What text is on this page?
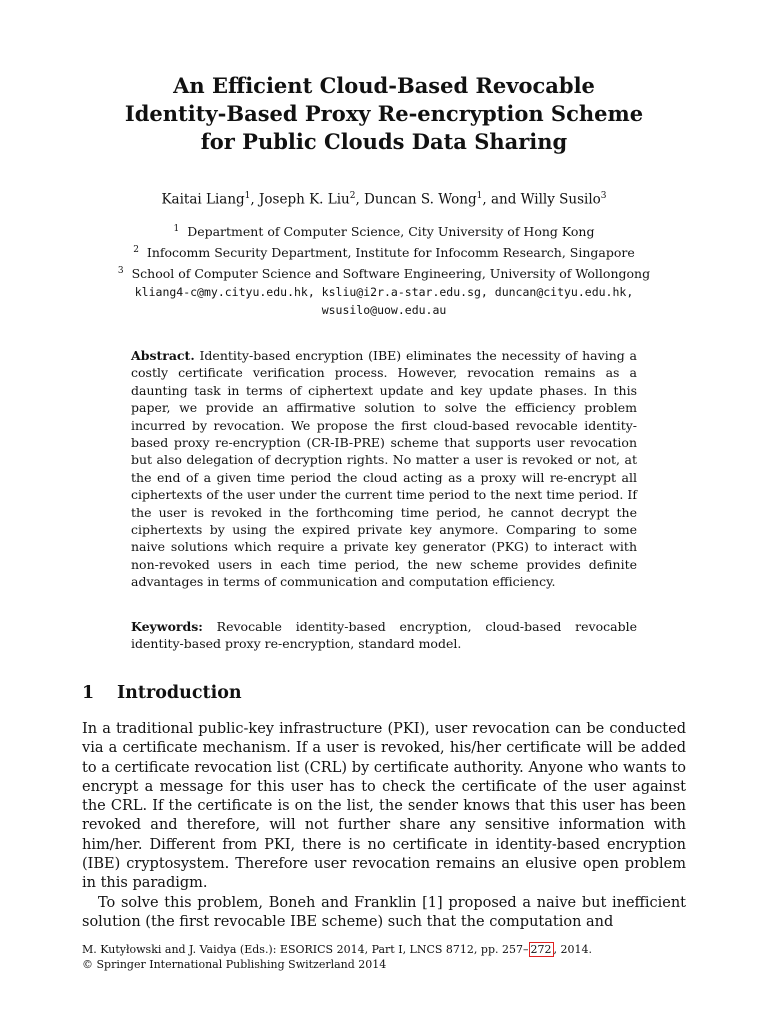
An Efficient Cloud-Based Revocable
Identity-Based Proxy Re-encryption Scheme
for Public Clouds Data Sharing
Kaitai Liang$^1$, Joseph K. Liu$^2$, Duncan S. Wong$^1$, and Willy Susilo$^3$
$^1$ Department of Computer Science, City University of Hong Kong
$^2$ Infocomm Security Department, Institute for Infocomm Research, Singapore
$^3$ School of Computer Science and Software Engineering, University of Wollongong
kliang4-c@my.cityu.edu.hk, ksliu@i2r.a-star.edu.sg, duncan@cityu.edu.hk,
wsusilo@uow.edu.au
Abstract. Identity-based encryption (IBE) eliminates the necessity of having a costly certificate verification process. However, revocation remains as a daunting task in terms of ciphertext update and key update phases. In this paper, we provide an affirmative solution to solve the efficiency problem incurred by revocation. We propose the first cloud-based revocable identity-based proxy re-encryption (CR-IB-PRE) scheme that supports user revocation but also delegation of decryption rights. No matter a user is revoked or not, at the end of a given time period the cloud acting as a proxy will re-encrypt all ciphertexts of the user under the current time period to the next time period. If the user is revoked in the forthcoming time period, he cannot decrypt the ciphertexts by using the expired private key anymore. Comparing to some naive solutions which require a private key generator (PKG) to interact with non-revoked users in each time period, the new scheme provides definite advantages in terms of communication and computation efficiency.
Keywords: Revocable identity-based encryption, cloud-based revocable identity-based proxy re-encryption, standard model.
1 Introduction

In a traditional public-key infrastructure (PKI), user revocation can be conducted via a certificate mechanism. If a user is revoked, his/her certificate will be added to a certificate revocation list (CRL) by certificate authority. Anyone who wants to encrypt a message for this user has to check the certificate of the user against the CRL. If the certificate is on the list, the sender knows that this user has been revoked and therefore, will not further share any sensitive information with him/her. Different from PKI, there is no certificate in identity-based encryption (IBE) cryptosystem. Therefore user revocation remains an elusive open problem in this paradigm.

To solve this problem, Boneh and Franklin [1] proposed a naive but inefficient solution (the first revocable IBE scheme) such that the computation and

M. Kutyłowski and J. Vaidya (Eds.): ESORICS 2014, Part I, LNCS 8712, pp. 257– 272 , 2014.
© Springer International Publishing Switzerland 2014
